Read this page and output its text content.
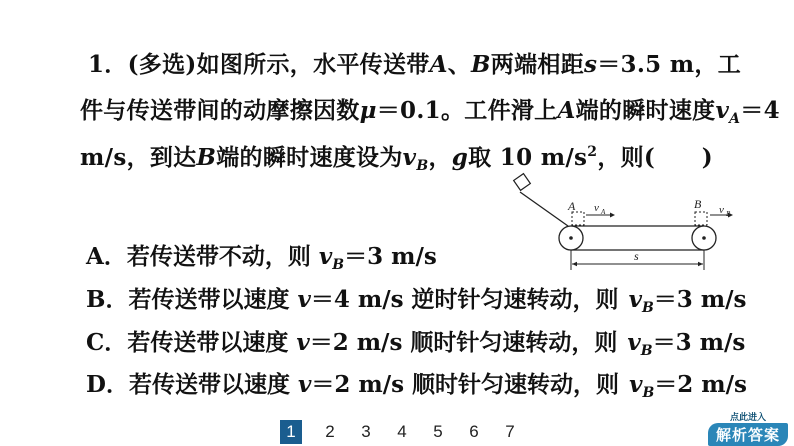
1．(多选)如图所示，水平传送带A、B两端相距s＝3.5 m，工
件与传送带间的动摩擦因数μ＝0.1。工件滑上A端的瞬时速度$v_A=4$
m/s，到达B端的瞬时速度设为$v_B$，g取 10 $m/s^2$，则(　　)
A．若传送带不动，则 $v_B=3$ m/s
B．若传送带以速度 v＝4 m/s 逆时针匀速转动，则 $v_B=3$ m/s
C．若传送带以速度 v＝2 m/s 顺时针匀速转动，则 $v_B=3$ m/s
D．若传送带以速度 v＝2 m/s 顺时针匀速转动，则 $v_B=2$ m/s
A	B
v A	v B
s
1	2	3	4	5	6	7
点此进入
解析答案
